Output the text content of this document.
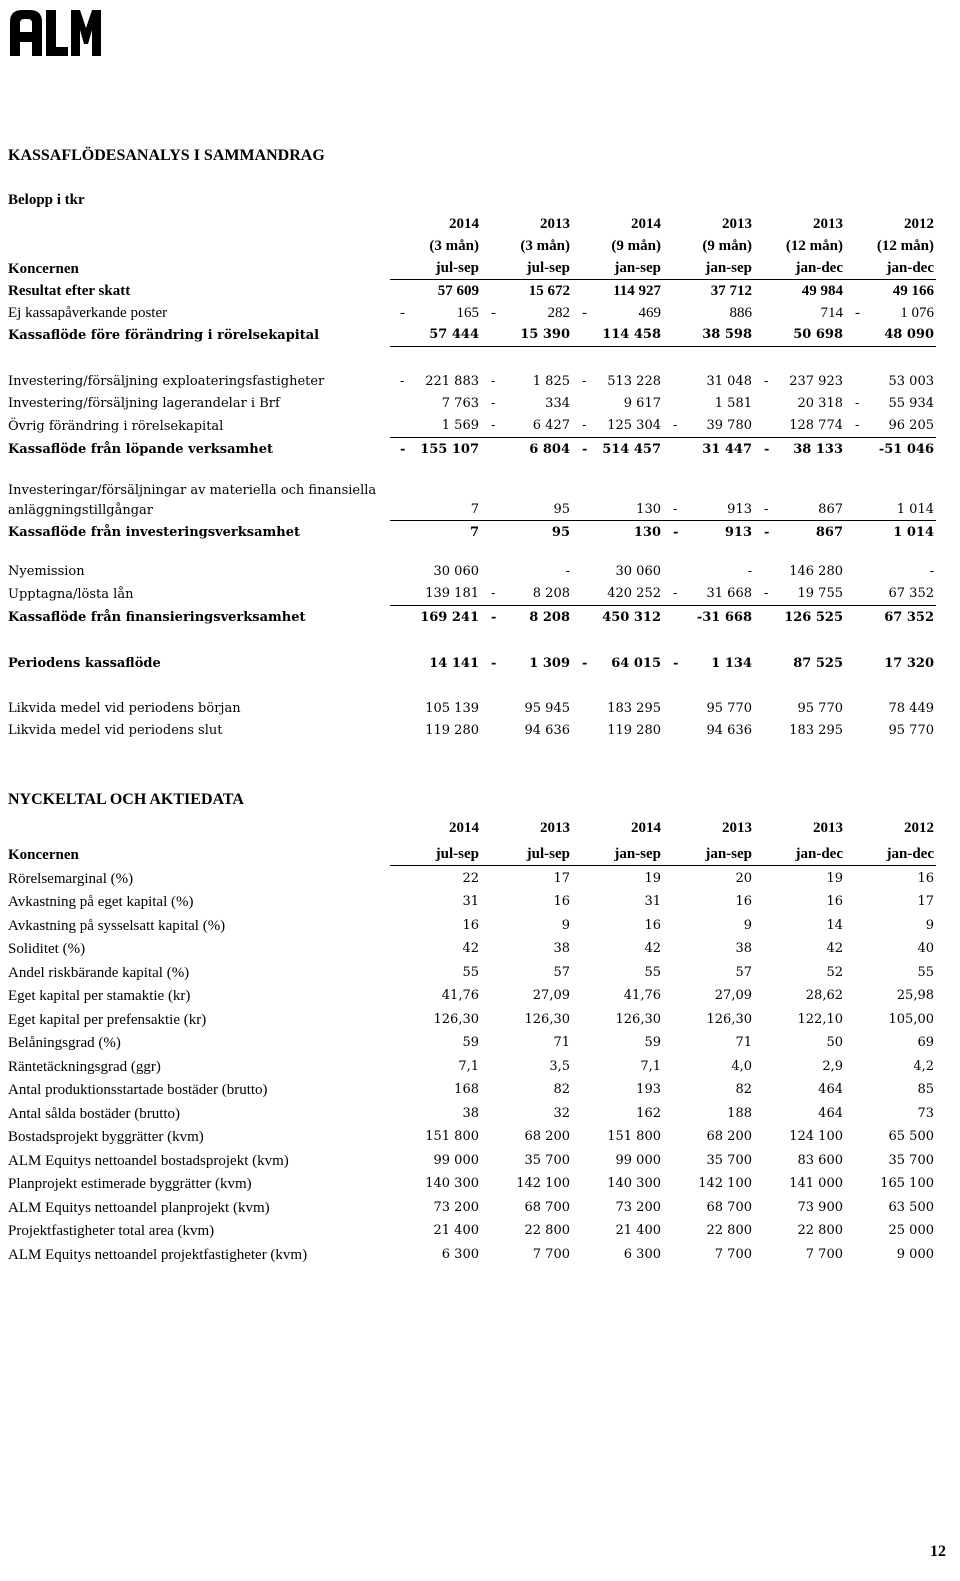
KASSAFLÖDESANALYS I SAMMANDRAG
Belopp i tkr
	2014	2013	2014	2013	2013	2012
	(3 mån)	(3 mån)	(9 mån)	(9 mån)	(12 mån)	(12 mån)
Koncernen	jul-sep	jul-sep	jan-sep	jan-sep	jan-dec	jan-dec
Resultat efter skatt	57 609	15 672	114 927	37 712	49 984	49 166
Ej kassapåverkande poster	- 165	- 282	- 469	886	714	- 1 076
Kassaflöde före förändring i rörelsekapital	57 444	15 390	114 458	38 598	50 698	48 090

Investering/försäljning exploateringsfastigheter	- 221 883	- 1 825	- 513 228	31 048	- 237 923	53 003
Investering/försäljning lagerandelar i Brf	7 763	- 334	9 617	1 581	20 318	- 55 934
Övrig förändring i rörelsekapital	1 569	- 6 427	- 125 304	- 39 780	128 774	- 96 205
Kassaflöde från löpande verksamhet	- 155 107	6 804	- 514 457	31 447	- 38 133	-51 046

Investeringar/försäljningar av materiella och finansiella anläggningstillgångar	7	95	130	- 913	- 867	1 014
Kassaflöde från investeringsverksamhet	7	95	130	- 913	- 867	1 014

Nyemission	30 060	-	30 060	-	146 280	-
Upptagna/lösta lån	139 181	- 8 208	420 252	- 31 668	- 19 755	67 352
Kassaflöde från finansieringsverksamhet	169 241	- 8 208	450 312	-31 668	126 525	67 352

Periodens kassaflöde	14 141	- 1 309	- 64 015	- 1 134	87 525	17 320

Likvida medel vid periodens början	105 139	95 945	183 295	95 770	95 770	78 449
Likvida medel vid periodens slut	119 280	94 636	119 280	94 636	183 295	95 770
NYCKELTAL OCH AKTIEDATA

	2014	2013	2014	2013	2013	2012

Koncernen	jul-sep	jul-sep	jan-sep	jan-sep	jan-dec	jan-dec
Rörelsemarginal (%)	22	17	19	20	19	16
Avkastning på eget kapital (%)	31	16	31	16	16	17
Avkastning på sysselsatt kapital (%)	16	9	16	9	14	9
Soliditet (%)	42	38	42	38	42	40
Andel riskbärande kapital (%)	55	57	55	57	52	55
Eget kapital per stamaktie (kr)	41,76	27,09	41,76	27,09	28,62	25,98
Eget kapital per prefensaktie (kr)	126,30	126,30	126,30	126,30	122,10	105,00
Belåningsgrad (%)	59	71	59	71	50	69
Räntetäckningsgrad (ggr)	7,1	3,5	7,1	4,0	2,9	4,2
Antal produktionsstartade bostäder (brutto)	168	82	193	82	464	85
Antal sålda bostäder (brutto)	38	32	162	188	464	73
Bostadsprojekt byggrätter (kvm)	151 800	68 200	151 800	68 200	124 100	65 500
ALM Equitys nettoandel bostadsprojekt (kvm)	99 000	35 700	99 000	35 700	83 600	35 700
Planprojekt estimerade byggrätter (kvm)	140 300	142 100	140 300	142 100	141 000	165 100
ALM Equitys nettoandel planprojekt (kvm)	73 200	68 700	73 200	68 700	73 900	63 500
Projektfastigheter total area (kvm)	21 400	22 800	21 400	22 800	22 800	25 000
ALM Equitys nettoandel projektfastigheter (kvm)	6 300	7 700	6 300	7 700	7 700	9 000
12
